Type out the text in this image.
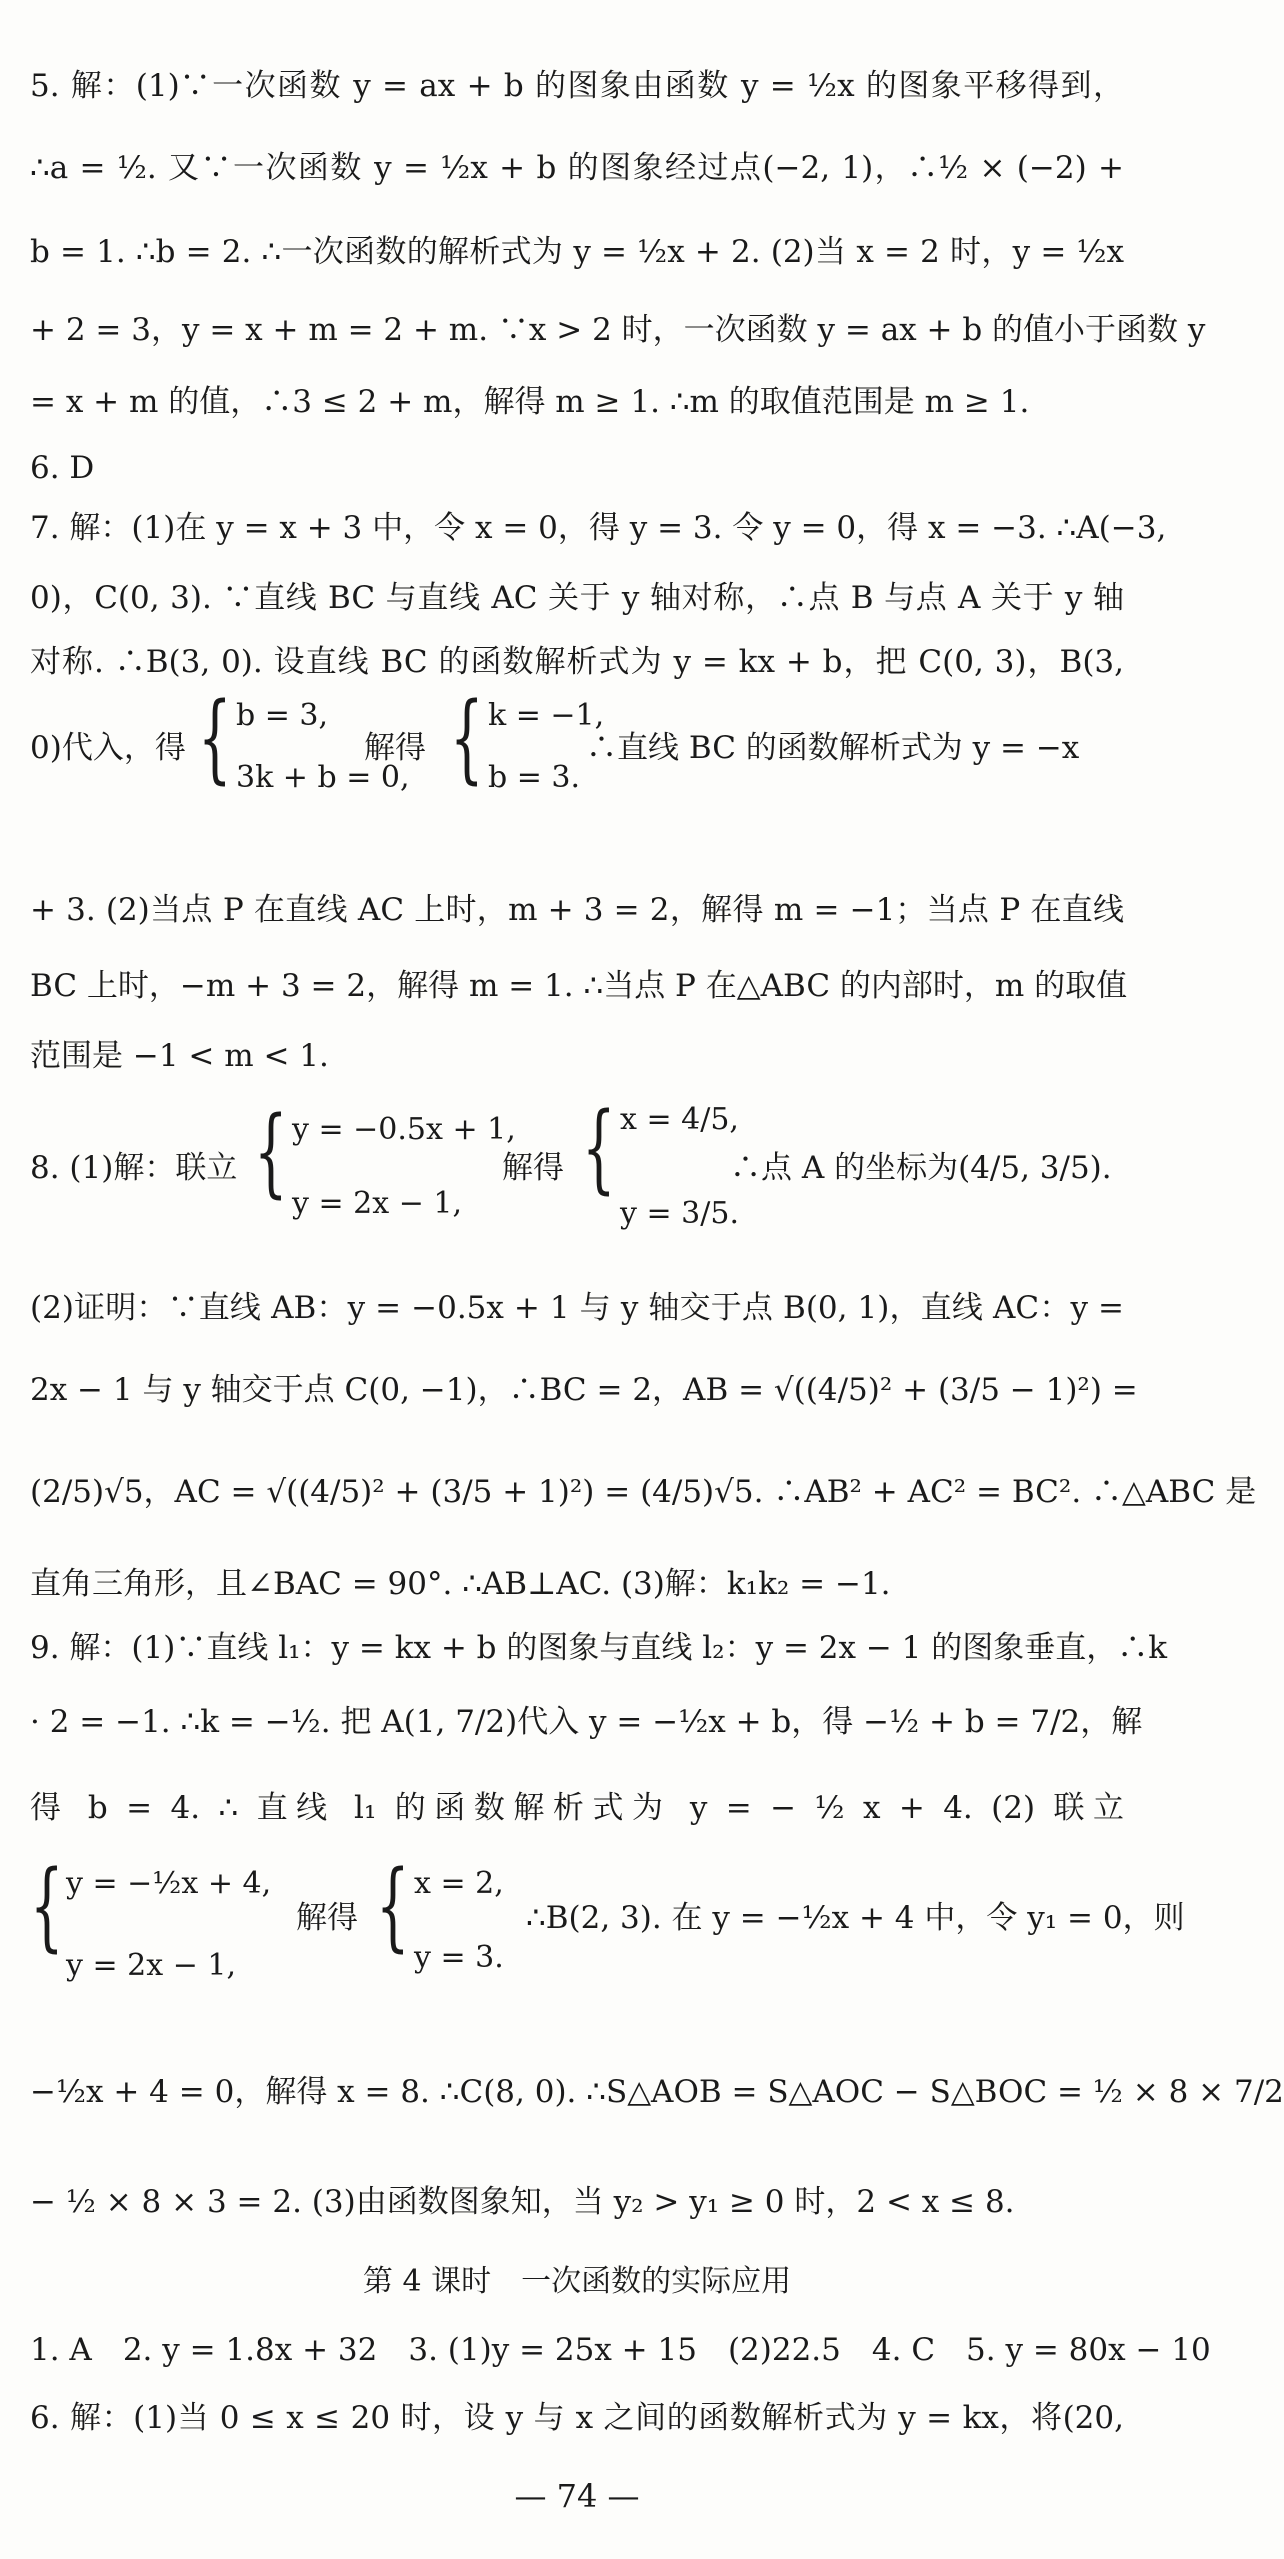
5. 解：(1)∵一次函数 y = ax + b 的图象由函数 y = ½x 的图象平移得到，
∴a = ½. 又∵一次函数 y = ½x + b 的图象经过点(−2, 1)，∴½ × (−2) +
b = 1. ∴b = 2. ∴一次函数的解析式为 y = ½x + 2. (2)当 x = 2 时，y = ½x
+ 2 = 3，y = x + m = 2 + m. ∵x > 2 时，一次函数 y = ax + b 的值小于函数 y
= x + m 的值，∴3 ≤ 2 + m，解得 m ≥ 1. ∴m 的取值范围是 m ≥ 1.
6. D
7. 解：(1)在 y = x + 3 中，令 x = 0，得 y = 3. 令 y = 0，得 x = −3. ∴A(−3,
0)，C(0, 3). ∵直线 BC 与直线 AC 关于 y 轴对称，∴点 B 与点 A 关于 y 轴
对称. ∴B(3, 0). 设直线 BC 的函数解析式为 y = kx + b，把 C(0, 3)，B(3,
0)代入，得 { b = 3,
3k + b = 0,
解得 { k = −1,
b = 3.
∴直线 BC 的函数解析式为 y = −x
+ 3. (2)当点 P 在直线 AC 上时，m + 3 = 2，解得 m = −1；当点 P 在直线
BC 上时，−m + 3 = 2，解得 m = 1. ∴当点 P 在△ABC 的内部时，m 的取值
范围是 −1 < m < 1.
8. (1)解：联立 { y = −0.5x + 1,
y = 2x − 1,
解得 { x = 4/5,
y = 3/5.
∴点 A 的坐标为(4/5, 3/5).
(2)证明：∵直线 AB：y = −0.5x + 1 与 y 轴交于点 B(0, 1)，直线 AC：y =
2x − 1 与 y 轴交于点 C(0, −1)，∴BC = 2，AB = √((4/5)² + (3/5 − 1)²) =
(2/5)√5，AC = √((4/5)² + (3/5 + 1)²) = (4/5)√5. ∴AB² + AC² = BC². ∴△ABC 是
直角三角形，且∠BAC = 90°. ∴AB⊥AC. (3)解：k₁k₂ = −1.
9. 解：(1)∵直线 l₁：y = kx + b 的图象与直线 l₂：y = 2x − 1 的图象垂直，∴k
· 2 = −1. ∴k = −½. 把 A(1, 7/2)代入 y = −½x + b，得 −½ + b = 7/2，解
得 b = 4. ∴ 直线 l₁ 的函数解析式为 y = − ½ x + 4. (2) 联立
{ y = −½x + 4,
y = 2x − 1,
解得 { x = 2,
y = 3.
∴B(2, 3). 在 y = −½x + 4 中，令 y₁ = 0，则
−½x + 4 = 0，解得 x = 8. ∴C(8, 0). ∴S△AOB = S△AOC − S△BOC = ½ × 8 × 7/2
− ½ × 8 × 3 = 2. (3)由函数图象知，当 y₂ > y₁ ≥ 0 时，2 < x ≤ 8.
第 4 课时　一次函数的实际应用
1. A　2. y = 1.8x + 32　3. (1)y = 25x + 15　(2)22.5　4. C　5. y = 80x − 10
6. 解：(1)当 0 ≤ x ≤ 20 时，设 y 与 x 之间的函数解析式为 y = kx，将(20,
— 74 —
